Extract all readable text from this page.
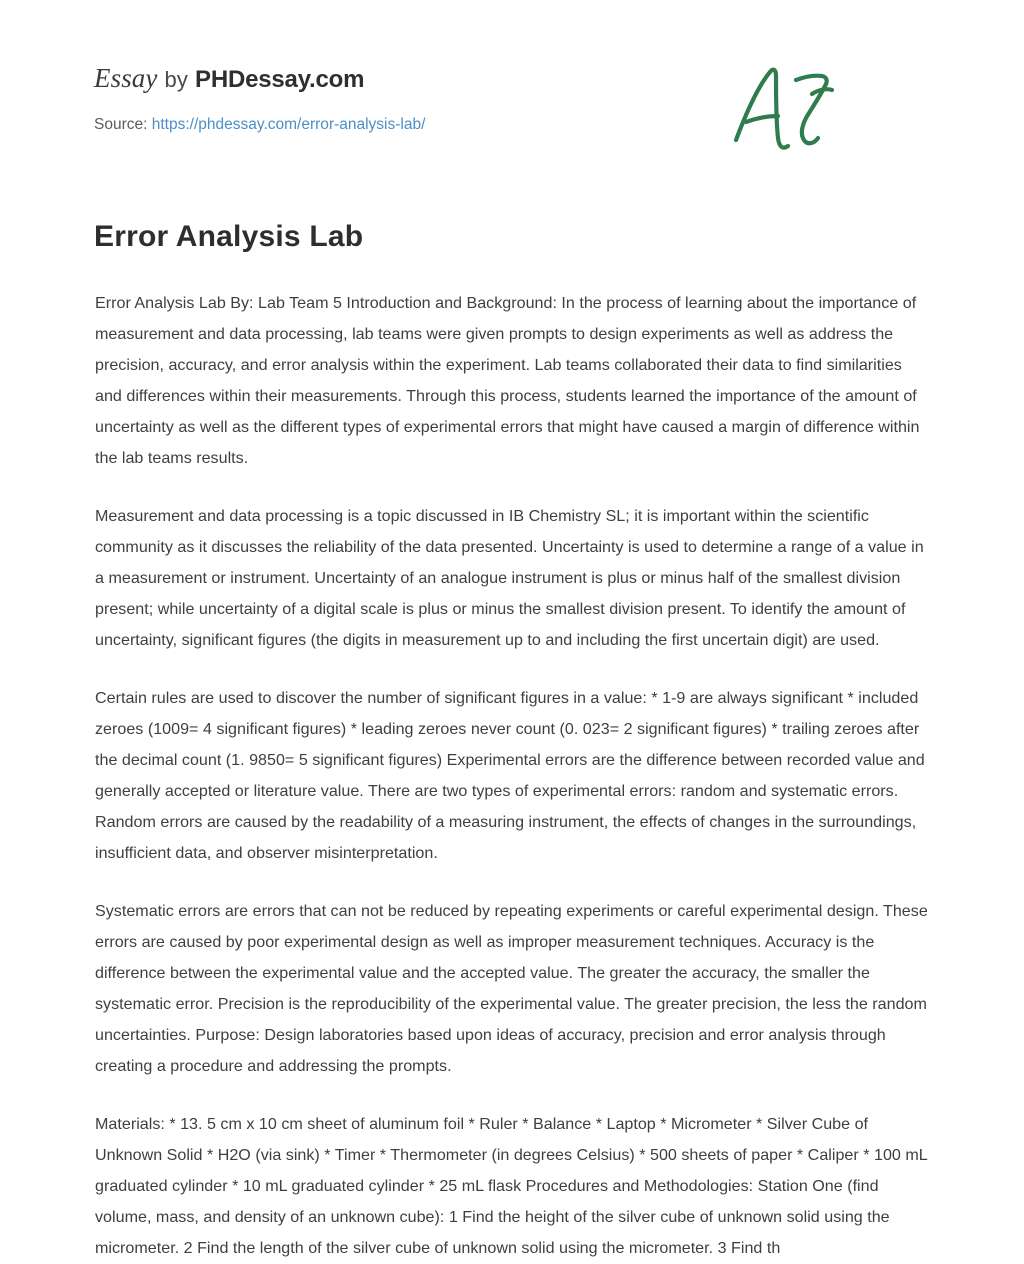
Essay by PHDessay.com
Source: https://phdessay.com/error-analysis-lab/
Error Analysis Lab

Error Analysis Lab By: Lab Team 5 Introduction and Background: In the process of learning about the importance of measurement and data processing, lab teams were given prompts to design experiments as well as address the precision, accuracy, and error analysis within the experiment. Lab teams collaborated their data to find similarities and differences within their measurements. Through this process, students learned the importance of the amount of uncertainty as well as the different types of experimental errors that might have caused a margin of difference within the lab teams results.

Measurement and data processing is a topic discussed in IB Chemistry SL; it is important within the scientific community as it discusses the reliability of the data presented. Uncertainty is used to determine a range of a value in a measurement or instrument. Uncertainty of an analogue instrument is plus or minus half of the smallest division present; while uncertainty of a digital scale is plus or minus the smallest division present. To identify the amount of uncertainty, significant figures (the digits in measurement up to and including the first uncertain digit) are used.

Certain rules are used to discover the number of significant figures in a value: * 1-9 are always significant * included zeroes (1009= 4 significant figures) * leading zeroes never count (0. 023= 2 significant figures) * trailing zeroes after the decimal count (1. 9850= 5 significant figures) Experimental errors are the difference between recorded value and generally accepted or literature value. There are two types of experimental errors: random and systematic errors. Random errors are caused by the readability of a measuring instrument, the effects of changes in the surroundings, insufficient data, and observer misinterpretation.

Systematic errors are errors that can not be reduced by repeating experiments or careful experimental design. These errors are caused by poor experimental design as well as improper measurement techniques. Accuracy is the difference between the experimental value and the accepted value. The greater the accuracy, the smaller the systematic error. Precision is the reproducibility of the experimental value. The greater precision, the less the random uncertainties. Purpose: Design laboratories based upon ideas of accuracy, precision and error analysis through creating a procedure and addressing the prompts.

Materials: * 13. 5 cm x 10 cm sheet of aluminum foil * Ruler * Balance * Laptop * Micrometer * Silver Cube of Unknown Solid * H2O (via sink) * Timer * Thermometer (in degrees Celsius) * 500 sheets of paper * Caliper * 100 mL graduated cylinder * 10 mL graduated cylinder * 25 mL flask Procedures and Methodologies: Station One (find volume, mass, and density of an unknown cube): 1 Find the height of the silver cube of unknown solid using the micrometer. 2 Find the length of the silver cube of unknown solid using the micrometer. 3 Find th
